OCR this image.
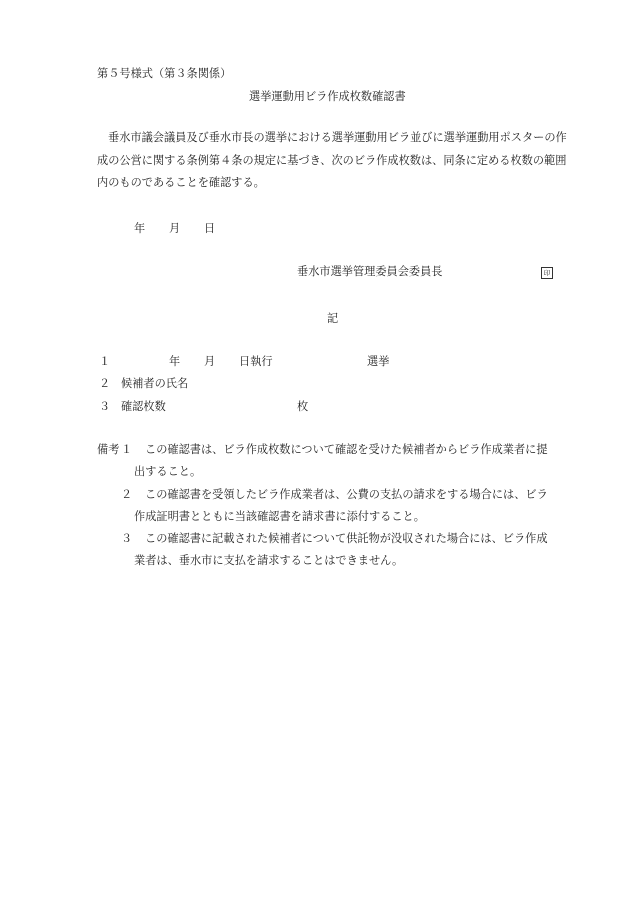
第５号様式（第３条関係）
選挙運動用ビラ作成枚数確認書
垂水市議会議員及び垂水市長の選挙における選挙運動用ビラ並びに選挙運動用ポスターの作成の公営に関する条例第４条の規定に基づき、次のビラ作成枚数は、同条に定める枚数の範囲内のものであることを確認する。
年 月 日
垂水市選挙管理委員会委員長	印
記
１	年 月 日執行	選挙
２ 候補者の氏名
３ 確認枚数	枚
備考 １ この確認書は、ビラ作成枚数について確認を受けた候補者からビラ作成業者に提
出すること。
２ この確認書を受領したビラ作成業者は、公費の支払の請求をする場合には、ビラ
作成証明書とともに当該確認書を請求書に添付すること。
３ この確認書に記載された候補者について供託物が没収された場合には、ビラ作成
業者は、垂水市に支払を請求することはできません。
